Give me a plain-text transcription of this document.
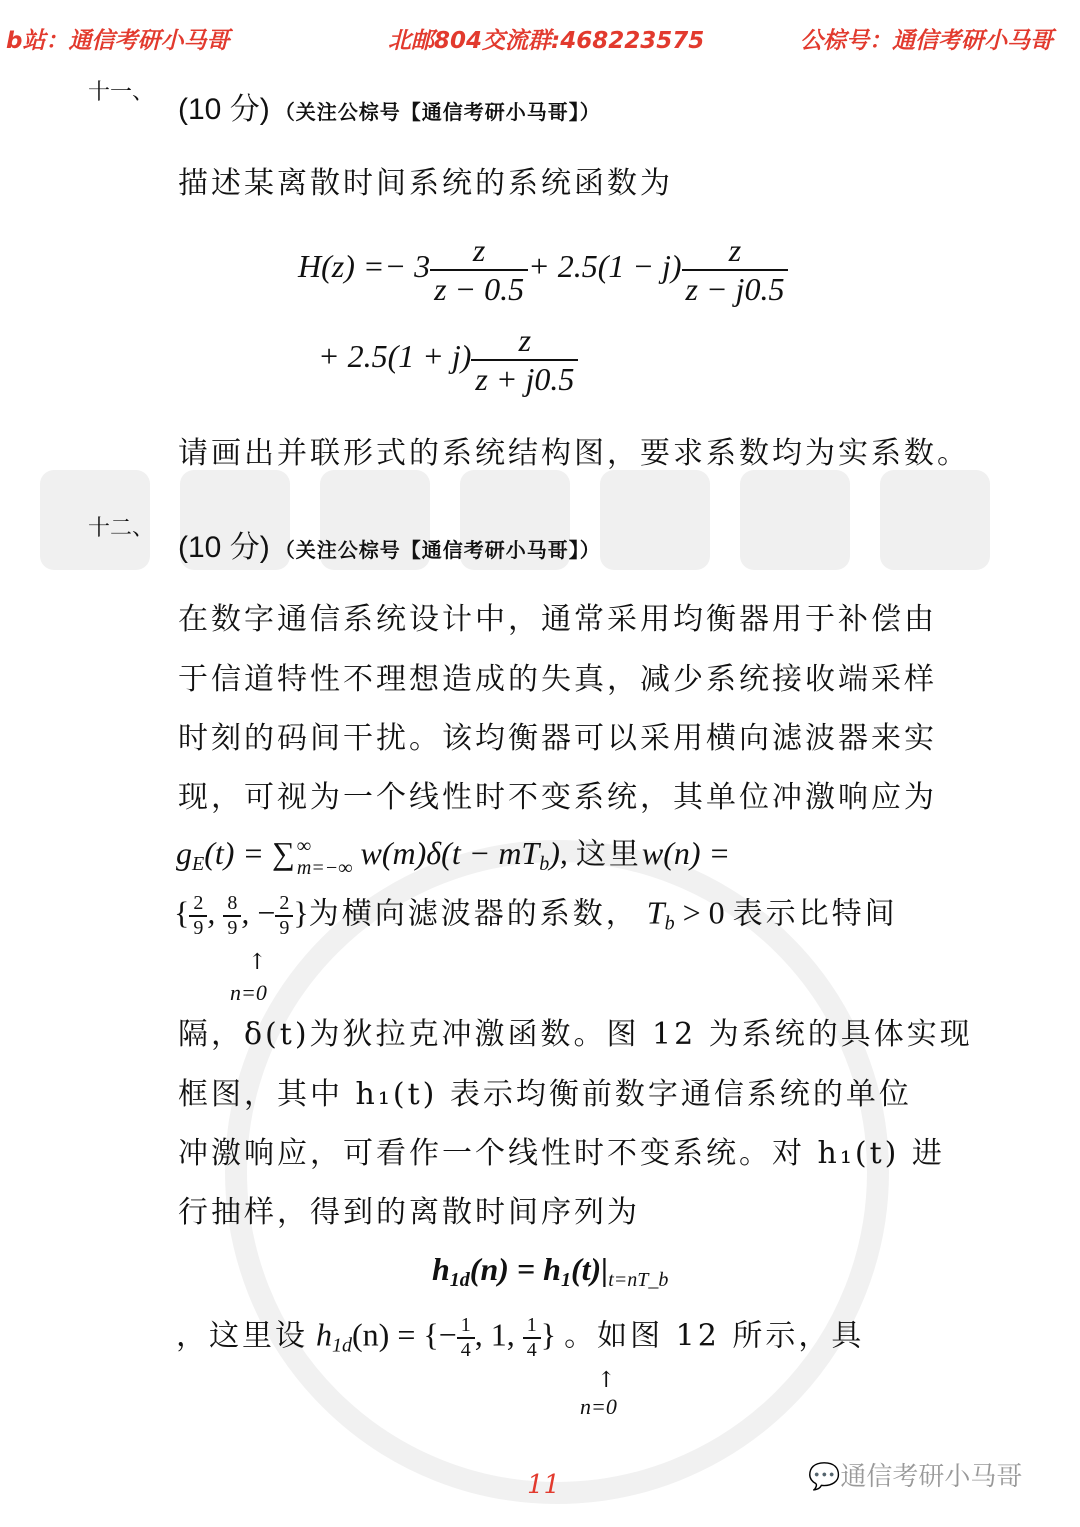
b站：通信考研小马哥	北邮804交流群:468223575	公棕号：通信考研小马哥
十一、
(10 分) （关注公棕号【通信考研小马哥】）
描述某离散时间系统的系统函数为
$H(z) =- 3 \frac{z}{z - 0.5} + 2.5(1 - j) \frac{z}{z - j0.5}$
+ $2.5(1 + j) \frac{z}{z + j0.5}$
请画出并联形式的系统结构图，要求系数均为实系数。
十二、
(10 分) （关注公棕号【通信考研小马哥】）
在数字通信系统设计中，通常采用均衡器用于补偿由
于信道特性不理想造成的失真，减少系统接收端采样
时刻的码间干扰。该均衡器可以采用横向滤波器来实
现，可视为一个线性时不变系统，其单位冲激响应为
$g_E(t)$ = ∑ ∞
m=−∞ $w(m)\delta(t - mT_b)$, 这里w(n) =
{ $\frac{2}{9}$ , $\frac{8}{9}$ , − $\frac{2}{9}$ }为横向滤波器的系数， $T_b > 0$ 表示比特间
↑
n=0
隔，δ(t)为狄拉克冲激函数。图 12 为系统的具体实现
框图，其中 h₁(t) 表示均衡前数字通信系统的单位
冲激响应，可看作一个线性时不变系统。对 h₁(t) 进
行抽样，得到的离散时间序列为
$h_{1d}(n) = h_1(t)|_{t=nT\_b}$
，这里设 $h_{1d}(n)$ = {− $\frac{1}{4}$ , 1, $\frac{1}{4}$ } 。如图 12 所示，具
↑
n=0
11	💬通信考研小马哥
